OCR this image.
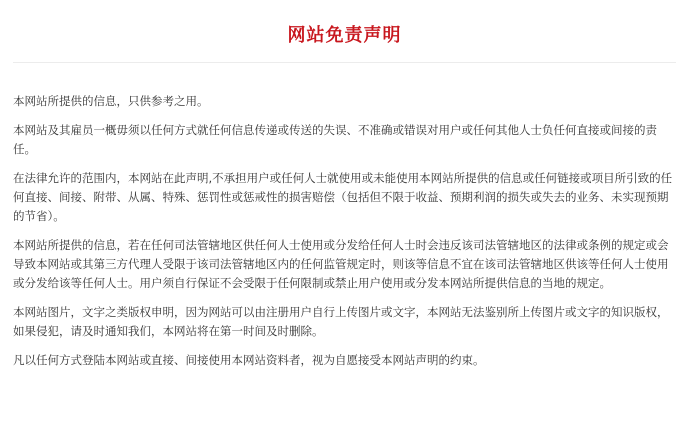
网站免责声明

本网站所提供的信息，只供参考之用。

本网站及其雇员一概毋须以任何方式就任何信息传递或传送的失误、不准确或错误对用户或任何其他人士负任何直接或间接的责任。

在法律允许的范围内，本网站在此声明,不承担用户或任何人士就使用或未能使用本网站所提供的信息或任何链接或项目所引致的任何直接、间接、附带、从属、特殊、惩罚性或惩戒性的损害赔偿（包括但不限于收益、预期利润的损失或失去的业务、未实现预期的节省）。

本网站所提供的信息，若在任何司法管辖地区供任何人士使用或分发给任何人士时会违反该司法管辖地区的法律或条例的规定或会导致本网站或其第三方代理人受限于该司法管辖地区内的任何监管规定时，则该等信息不宜在该司法管辖地区供该等任何人士使用或分发给该等任何人士。用户须自行保证不会受限于任何限制或禁止用户使用或分发本网站所提供信息的当地的规定。

本网站图片，文字之类版权申明，因为网站可以由注册用户自行上传图片或文字，本网站无法鉴别所上传图片或文字的知识版权，如果侵犯，请及时通知我们，本网站将在第一时间及时删除。

凡以任何方式登陆本网站或直接、间接使用本网站资料者，视为自愿接受本网站声明的约束。
